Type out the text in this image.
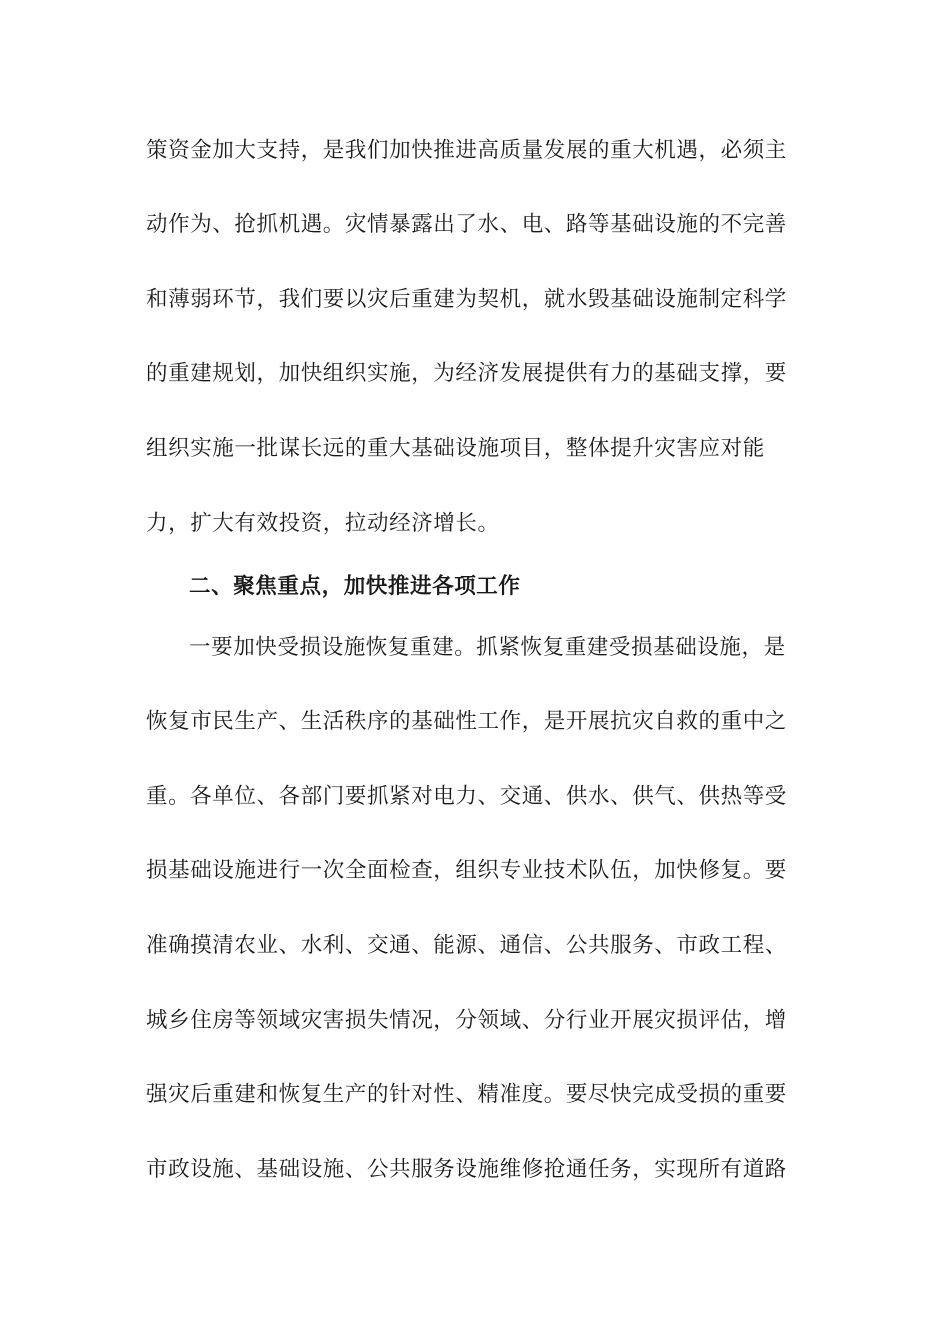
策资金加大支持，是我们加快推进高质量发展的重大机遇，必须主
动作为、抢抓机遇。灾情暴露出了水、电、路等基础设施的不完善
和薄弱环节，我们要以灾后重建为契机，就水毁基础设施制定科学
的重建规划，加快组织实施，为经济发展提供有力的基础支撑，要
组织实施一批谋长远的重大基础设施项目，整体提升灾害应对能
力，扩大有效投资，拉动经济增长。
二、聚焦重点，加快推进各项工作
一要加快受损设施恢复重建。抓紧恢复重建受损基础设施，是
恢复市民生产、生活秩序的基础性工作，是开展抗灾自救的重中之
重。各单位、各部门要抓紧对电力、交通、供水、供气、供热等受
损基础设施进行一次全面检查，组织专业技术队伍，加快修复。要
准确摸清农业、水利、交通、能源、通信、公共服务、市政工程、
城乡住房等领域灾害损失情况，分领域、分行业开展灾损评估，增
强灾后重建和恢复生产的针对性、精准度。要尽快完成受损的重要
市政设施、基础设施、公共服务设施维修抢通任务，实现所有道路
